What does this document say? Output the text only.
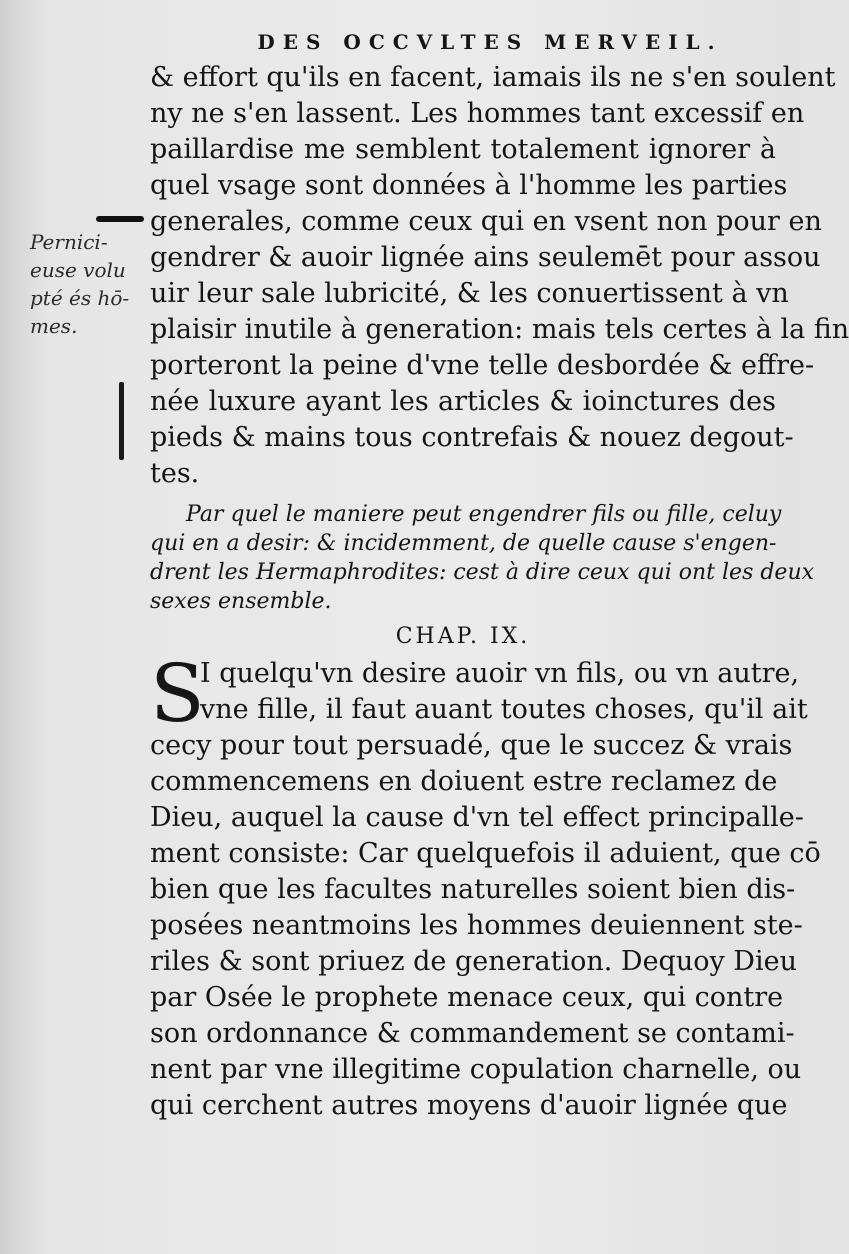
DES OCCVLTES MERVEIL.
Pernici-
euse volu
pté és hō-
mes.
& effort qu'ils en facent, iamais ils ne s'en soulent
ny ne s'en lassent. Les hommes tant excessif en
paillardise me semblent totalement ignorer à
quel vsage sont données à l'homme les parties
generales, comme ceux qui en vsent non pour en
gendrer & auoir lignée ains seulemēt pour assou
uir leur sale lubricité, & les conuertissent à vn
plaisir inutile à generation: mais tels certes à la fin
porteront la peine d'vne telle desbordée & effre-
née luxure ayant les articles & ioinctures des
pieds & mains tous contrefais & nouez degout-
tes.
Par quel le maniere peut engendrer fils ou fille, celuy
qui en a desir: & incidemment, de quelle cause s'engen-
drent les Hermaphrodites: cest à dire ceux qui ont les deux
sexes ensemble.
CHAP. IX.
S
I quelqu'vn desire auoir vn fils, ou vn autre,
vne fille, il faut auant toutes choses, qu'il ait
cecy pour tout persuadé, que le succez & vrais
commencemens en doiuent estre reclamez de
Dieu, auquel la cause d'vn tel effect principalle-
ment consiste: Car quelquefois il aduient, que cō
bien que les facultes naturelles soient bien dis-
posées neantmoins les hommes deuiennent ste-
riles & sont priuez de generation. Dequoy Dieu
par Osée le prophete menace ceux, qui contre
son ordonnance & commandement se contami-
nent par vne illegitime copulation charnelle, ou
qui cerchent autres moyens d'auoir lignée que
